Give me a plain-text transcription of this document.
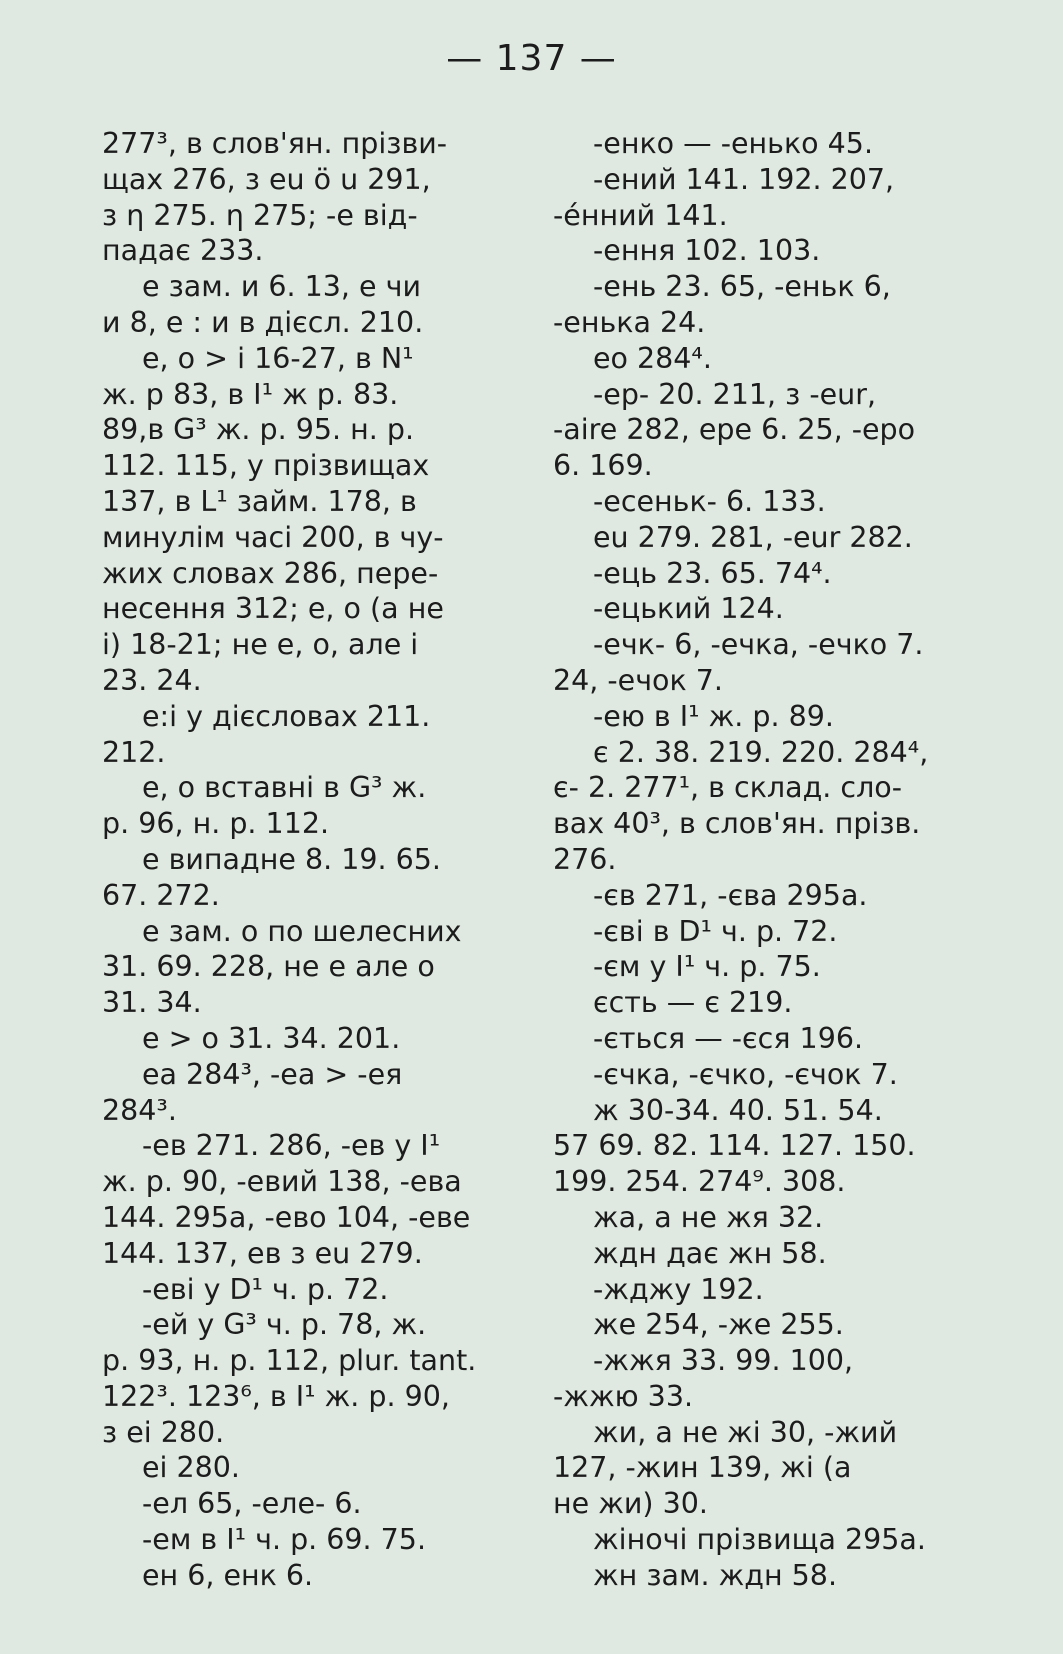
— 137 —

277³, в слов'ян. прізви-

щах 276, з eu ö u 291,

з η 275. η 275; -e від-

падає 233.

е зам. и 6. 13, е чи

и 8, е : и в дієсл. 210.

е, о > і 16-27, в N¹

ж. р 83, в I¹ ж р. 83.

89,в G³ ж. р. 95. н. р.

112. 115, у прізвищах

137, в L¹ займ. 178, в

минулім часі 200, в чу-

жих словах 286, пере-

несення 312; е, о (а не

і) 18-21; не е, о, але і

23. 24.

е:і у дієсловах 211.

212.

е, о вставні в G³ ж.

р. 96, н. р. 112.

е випадне 8. 19. 65.

67. 272.

е зам. о по шелесних

31. 69. 228, не е але о

31. 34.

е > о 31. 34. 201.

еа 284³, -еа > -ея

284³.

-ев 271. 286, -ев у I¹

ж. р. 90, -евий 138, -ева

144. 295а, -ево 104, -еве

144. 137, ев з eu 279.

-еві у D¹ ч. р. 72.

-ей у G³ ч. р. 78, ж.

р. 93, н. р. 112, plur. tant.

122³. 123⁶, в I¹ ж. р. 90,

з еі 280.

еі 280.

-ел 65, -еле- 6.

-ем в I¹ ч. р. 69. 75.

ен 6, енк 6.

-енко — -енько 45.

-ений 141. 192. 207,

-éнний 141.

-ення 102. 103.

-ень 23. 65, -еньк 6,

-енька 24.

ео 284⁴.

-ер- 20. 211, з -eur,

-aire 282, ере 6. 25, -еро

6. 169.

-есеньк- 6. 133.

eu 279. 281, -eur 282.

-ець 23. 65. 74⁴.

-ецький 124.

-ечк- 6, -ечка, -ечко 7.

24, -ечок 7.

-ею в I¹ ж. р. 89.

є 2. 38. 219. 220. 284⁴,

є- 2. 277¹, в склад. сло-

вах 40³, в слов'ян. прізв.

276.

-єв 271, -єва 295а.

-єві в D¹ ч. р. 72.

-єм у I¹ ч. р. 75.

єсть — є 219.

-ється — -єся 196.

-єчка, -єчко, -єчок 7.

ж 30-34. 40. 51. 54.

57 69. 82. 114. 127. 150.

199. 254. 274⁹. 308.

жа, а не жя 32.

ждн дає жн 58.

-жджу 192.

же 254, -же 255.

-жжя 33. 99. 100,

-жжю 33.

жи, а не жі 30, -жий

127, -жин 139, жі (а

не жи) 30.

жіночі прізвища 295а.

жн зам. ждн 58.
